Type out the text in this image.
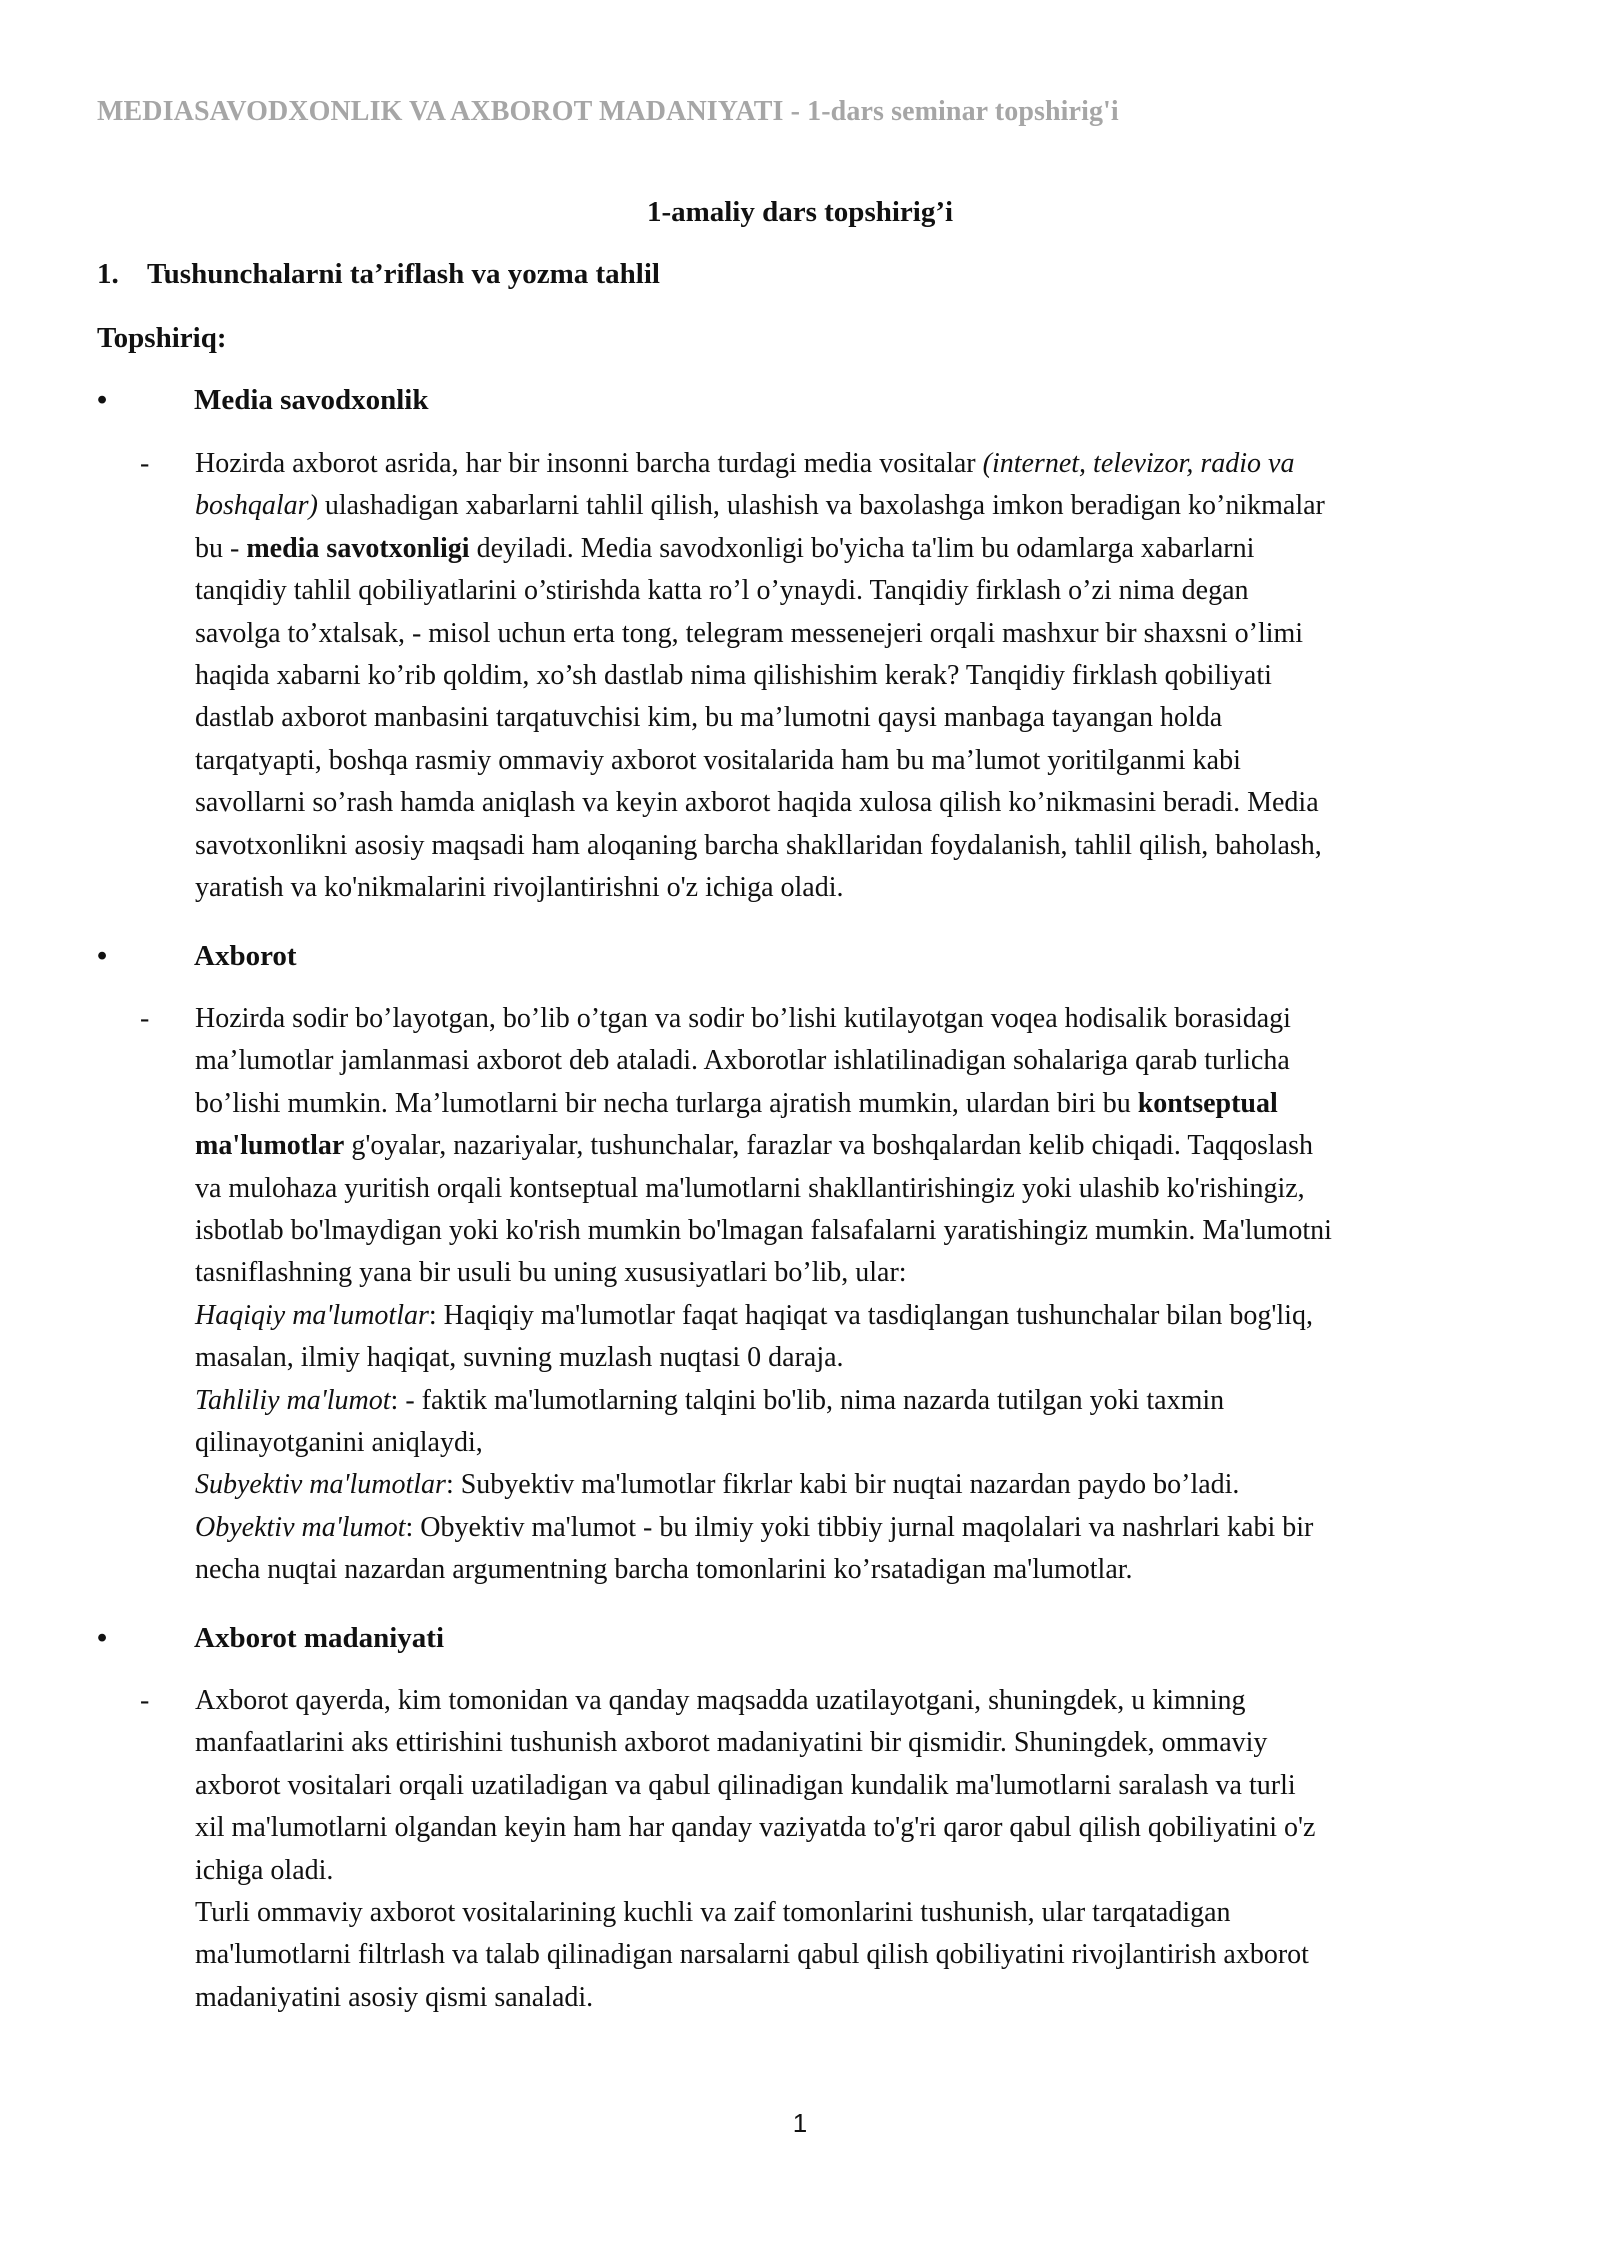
MEDIASAVODXONLIK VA AXBOROT MADANIYATI - 1-dars seminar topshirig'i
1-amaliy dars topshirig’i
1. Tushunchalarni ta’riflash va yozma tahlil
Topshiriq:
•	Media savodxonlik
- Hozirda axborot asrida, har bir insonni barcha turdagi media vositalar (internet, televizor, radio va
boshqalar) ulashadigan xabarlarni tahlil qilish, ulashish va baxolashga imkon beradigan ko’nikmalar
bu - media savotxonligi deyiladi. Media savodxonligi bo'yicha ta'lim bu odamlarga xabarlarni
tanqidiy tahlil qobiliyatlarini o’stirishda katta ro’l o’ynaydi. Tanqidiy firklash o’zi nima degan
savolga to’xtalsak, - misol uchun erta tong, telegram messenejeri orqali mashxur bir shaxsni o’limi
haqida xabarni ko’rib qoldim, xo’sh dastlab nima qilishishim kerak? Tanqidiy firklash qobiliyati
dastlab axborot manbasini tarqatuvchisi kim, bu ma’lumotni qaysi manbaga tayangan holda
tarqatyapti, boshqa rasmiy ommaviy axborot vositalarida ham bu ma’lumot yoritilganmi kabi
savollarni so’rash hamda aniqlash va keyin axborot haqida xulosa qilish ko’nikmasini beradi. Media
savotxonlikni asosiy maqsadi ham aloqaning barcha shakllaridan foydalanish, tahlil qilish, baholash,
yaratish va ko'nikmalarini rivojlantirishni o'z ichiga oladi.
•	Axborot
- Hozirda sodir bo’layotgan, bo’lib o’tgan va sodir bo’lishi kutilayotgan voqea hodisalik borasidagi
ma’lumotlar jamlanmasi axborot deb ataladi. Axborotlar ishlatilinadigan sohalariga qarab turlicha
bo’lishi mumkin. Ma’lumotlarni bir necha turlarga ajratish mumkin, ulardan biri bu kontseptual
ma'lumotlar g'oyalar, nazariyalar, tushunchalar, farazlar va boshqalardan kelib chiqadi. Taqqoslash
va mulohaza yuritish orqali kontseptual ma'lumotlarni shakllantirishingiz yoki ulashib ko'rishingiz,
isbotlab bo'lmaydigan yoki ko'rish mumkin bo'lmagan falsafalarni yaratishingiz mumkin. Ma'lumotni
tasniflashning yana bir usuli bu uning xususiyatlari bo’lib, ular:
Haqiqiy ma'lumotlar: Haqiqiy ma'lumotlar faqat haqiqat va tasdiqlangan tushunchalar bilan bog'liq,
masalan, ilmiy haqiqat, suvning muzlash nuqtasi 0 daraja.
Tahliliy ma'lumot: - faktik ma'lumotlarning talqini bo'lib, nima nazarda tutilgan yoki taxmin
qilinayotganini aniqlaydi,
Subyektiv ma'lumotlar: Subyektiv ma'lumotlar fikrlar kabi bir nuqtai nazardan paydo bo’ladi.
Obyektiv ma'lumot: Obyektiv ma'lumot - bu ilmiy yoki tibbiy jurnal maqolalari va nashrlari kabi bir
necha nuqtai nazardan argumentning barcha tomonlarini ko’rsatadigan ma'lumotlar.
•	Axborot madaniyati
- Axborot qayerda, kim tomonidan va qanday maqsadda uzatilayotgani, shuningdek, u kimning
manfaatlarini aks ettirishini tushunish axborot madaniyatini bir qismidir. Shuningdek, ommaviy
axborot vositalari orqali uzatiladigan va qabul qilinadigan kundalik ma'lumotlarni saralash va turli
xil ma'lumotlarni olgandan keyin ham har qanday vaziyatda to'g'ri qaror qabul qilish qobiliyatini o'z
ichiga oladi.
Turli ommaviy axborot vositalarining kuchli va zaif tomonlarini tushunish, ular tarqatadigan
ma'lumotlarni filtrlash va talab qilinadigan narsalarni qabul qilish qobiliyatini rivojlantirish axborot
madaniyatini asosiy qismi sanaladi.
1
